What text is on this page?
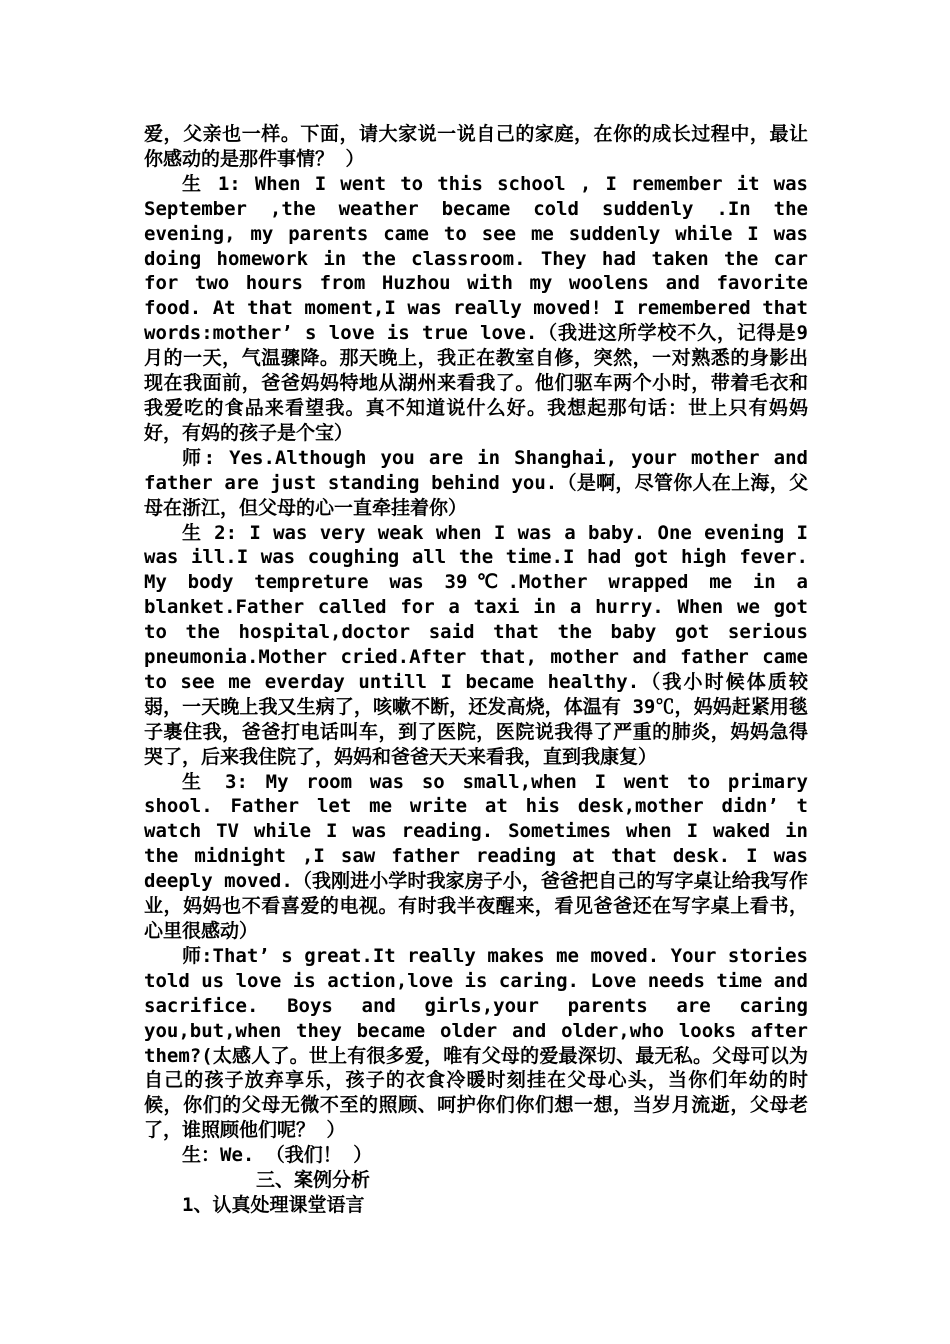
爱，父亲也一样。下面，请大家说一说自己的家庭，在你的成长过程中，最让你感动的是那件事情？ ）

生 1: When I went to this school , I remember it was September ,the weather became cold suddenly .In the evening, my parents came to see me suddenly while I was doing homework in the classroom. They had taken the car for two hours from Huzhou with my woolens and favorite food. At that moment,I was really moved! I remembered that words:mother’ s love is true love.（我进这所学校不久，记得是9 月的一天，气温骤降。那天晚上，我正在教室自修，突然，一对熟悉的身影出现在我面前，爸爸妈妈特地从湖州来看我了。他们驱车两个小时，带着毛衣和我爱吃的食品来看望我。真不知道说什么好。我想起那句话：世上只有妈妈好，有妈的孩子是个宝）

师: Yes.Although you are in Shanghai, your mother and father are just standing behind you.（是啊，尽管你人在上海，父母在浙江，但父母的心一直牵挂着你）

生 2: I was very weak when I was a baby. One evening I was ill.I was coughing all the time.I had got high fever. My body tempreture was 39℃.Mother wrapped me in a blanket.Father called for a taxi in a hurry. When we got to the hospital,doctor said that the baby got serious pneumonia.Mother cried.After that, mother and father came to see me everday untill I became healthy.（我小时候体质较弱，一天晚上我又生病了，咳嗽不断，还发高烧，体温有 39℃，妈妈赶紧用毯子裹住我，爸爸打电话叫车，到了医院，医院说我得了严重的肺炎，妈妈急得哭了，后来我住院了，妈妈和爸爸天天来看我，直到我康复）

生 3: My room was so small,when I went to primary shool. Father let me write at his desk,mother didn’ t watch TV while I was reading. Sometimes when I waked in the midnight ,I saw father reading at that desk. I was deeply moved.（我刚进小学时我家房子小，爸爸把自己的写字桌让给我写作业，妈妈也不看喜爱的电视。有时我半夜醒来，看见爸爸还在写字桌上看书，心里很感动）

师:That’ s great.It really makes me moved. Your stories told us love is action,love is caring. Love needs time and sacrifice. Boys and girls,your parents are caring you,but,when they became older and older,who looks after them?(太感人了。世上有很多爱，唯有父母的爱最深切、最无私。父母可以为自己的孩子放弃享乐，孩子的衣食冷暖时刻挂在父母心头，当你们年幼的时候，你们的父母无微不至的照顾、呵护你们你们想一想，当岁月流逝，父母老了，谁照顾他们呢？ ）

生：We. （我们！ ）

三、案例分析

1、认真处理课堂语言
